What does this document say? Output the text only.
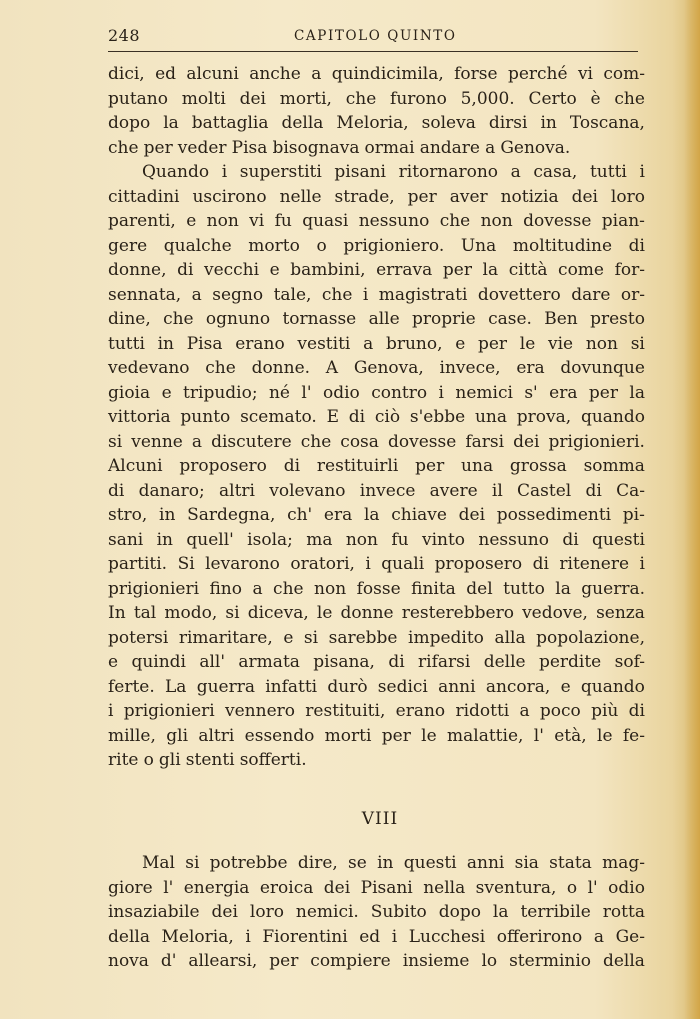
248	CAPITOLO QUINTO
dici, ed alcuni anche a quindicimila, forse perché vi com-
putano molti dei morti, che furono 5,000. Certo è che
dopo la battaglia della Meloria, soleva dirsi in Toscana,
che per veder Pisa bisognava ormai andare a Genova.
Quando i superstiti pisani ritornarono a casa, tutti i
cittadini uscirono nelle strade, per aver notizia dei loro
parenti, e non vi fu quasi nessuno che non dovesse pian-
gere qualche morto o prigioniero. Una moltitudine di
donne, di vecchi e bambini, errava per la città come for-
sennata, a segno tale, che i magistrati dovettero dare or-
dine, che ognuno tornasse alle proprie case. Ben presto
tutti in Pisa erano vestiti a bruno, e per le vie non si
vedevano che donne. A Genova, invece, era dovunque
gioia e tripudio; né l' odio contro i nemici s' era per la
vittoria punto scemato. E di ciò s'ebbe una prova, quando
si venne a discutere che cosa dovesse farsi dei prigionieri.
Alcuni proposero di restituirli per una grossa somma
di danaro; altri volevano invece avere il Castel di Ca-
stro, in Sardegna, ch' era la chiave dei possedimenti pi-
sani in quell' isola; ma non fu vinto nessuno di questi
partiti. Si levarono oratori, i quali proposero di ritenere i
prigionieri fino a che non fosse finita del tutto la guerra.
In tal modo, si diceva, le donne resterebbero vedove, senza
potersi rimaritare, e si sarebbe impedito alla popolazione,
e quindi all' armata pisana, di rifarsi delle perdite sof-
ferte. La guerra infatti durò sedici anni ancora, e quando
i prigionieri vennero restituiti, erano ridotti a poco più di
mille, gli altri essendo morti per le malattie, l' età, le fe-
rite o gli stenti sofferti.
VIII
Mal si potrebbe dire, se in questi anni sia stata mag-
giore l' energia eroica dei Pisani nella sventura, o l' odio
insaziabile dei loro nemici. Subito dopo la terribile rotta
della Meloria, i Fiorentini ed i Lucchesi offerirono a Ge-
nova d' allearsi, per compiere insieme lo sterminio della
